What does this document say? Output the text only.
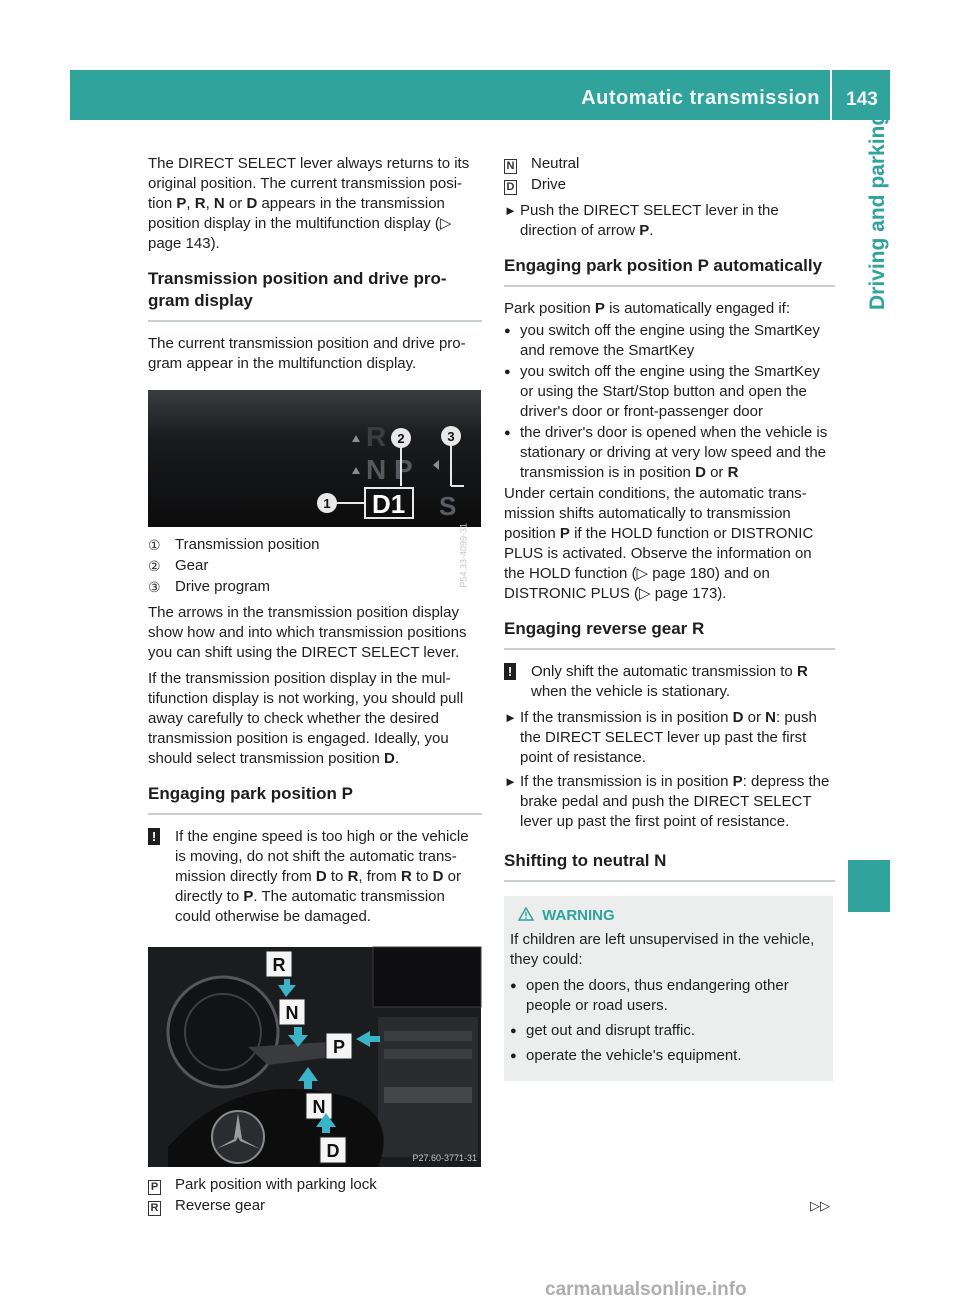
Automatic transmission	143
Driving and parking

The DIRECT SELECT lever always returns to its original position. The current transmission posi-tion P, R, N or D appears in the transmission position display in the multifunction display (▷ page 143).

Transmission position and drive pro-gram display

The current transmission position and drive pro-gram appear in the multifunction display.

R
N P
D1 S
1
2	3
P54.33-4099-31
① Transmission position
② Gear
③ Drive program

The arrows in the transmission position display show how and into which transmission positions you can shift using the DIRECT SELECT lever.

If the transmission position display in the mul-tifunction display is not working, you should pull away carefully to check whether the desired transmission position is engaged. Ideally, you should select transmission position D.

Engaging park position P
!	If the engine speed is too high or the vehicle is moving, do not shift the automatic trans-mission directly from D to R, from R to D or directly to P. The automatic transmission could otherwise be damaged.
R
N
P
N
D	P27.60-3771-31
P	Park position with parking lock
R	Reverse gear
N	Neutral
D	Drive
► Push the DIRECT SELECT lever in the direction of arrow P.
Engaging park position P automatically

Park position P is automatically engaged if:

● you switch off the engine using the SmartKey and remove the SmartKey
● you switch off the engine using the SmartKey or using the Start/Stop button and open the driver's door or front-passenger door
● the driver's door is opened when the vehicle is stationary or driving at very low speed and the transmission is in position D or R

Under certain conditions, the automatic trans-mission shifts automatically to transmission position P if the HOLD function or DISTRONIC PLUS is activated. Observe the information on the HOLD function (▷ page 180) and on DISTRONIC PLUS (▷ page 173).

Engaging reverse gear R
!	Only shift the automatic transmission to R when the vehicle is stationary.
► If the transmission is in position D or N: push the DIRECT SELECT lever up past the first point of resistance.
► If the transmission is in position P: depress the brake pedal and push the DIRECT SELECT lever up past the first point of resistance.
Shifting to neutral N
WARNING

If children are left unsupervised in the vehicle, they could:

● open the doors, thus endangering other people or road users.
● get out and disrupt traffic.
● operate the vehicle's equipment.
▷▷
carmanualsonline.info
